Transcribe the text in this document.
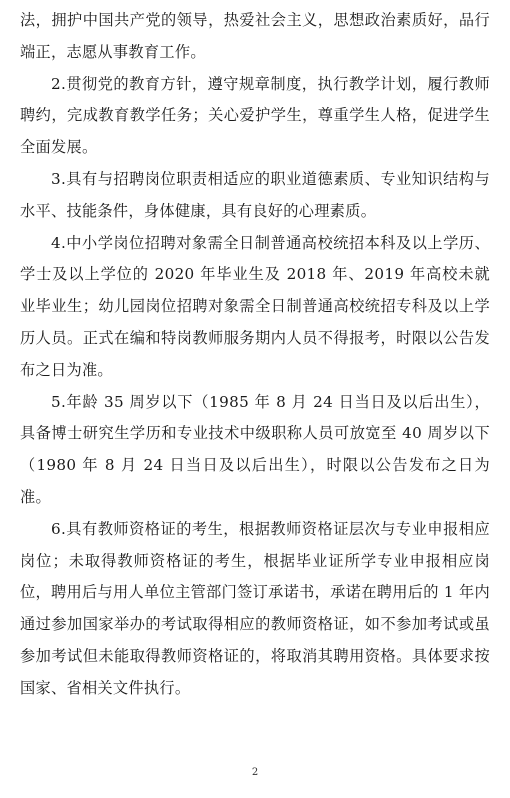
法，拥护中国共产党的领导，热爱社会主义，思想政治素质好，品行端正，志愿从事教育工作。

2.贯彻党的教育方针，遵守规章制度，执行教学计划，履行教师聘约，完成教育教学任务；关心爱护学生，尊重学生人格，促进学生全面发展。

3.具有与招聘岗位职责相适应的职业道德素质、专业知识结构与水平、技能条件，身体健康，具有良好的心理素质。

4.中小学岗位招聘对象需全日制普通高校统招本科及以上学历、学士及以上学位的 2020 年毕业生及 2018 年、2019 年高校未就业毕业生；幼儿园岗位招聘对象需全日制普通高校统招专科及以上学历人员。正式在编和特岗教师服务期内人员不得报考，时限以公告发布之日为准。

5.年龄 35 周岁以下（1985 年 8 月 24 日当日及以后出生），具备博士研究生学历和专业技术中级职称人员可放宽至 40 周岁以下（1980 年 8 月 24 日当日及以后出生），时限以公告发布之日为准。

6.具有教师资格证的考生，根据教师资格证层次与专业申报相应岗位；未取得教师资格证的考生，根据毕业证所学专业申报相应岗位，聘用后与用人单位主管部门签订承诺书，承诺在聘用后的 1 年内通过参加国家举办的考试取得相应的教师资格证，如不参加考试或虽参加考试但未能取得教师资格证的，将取消其聘用资格。具体要求按国家、省相关文件执行。

2
